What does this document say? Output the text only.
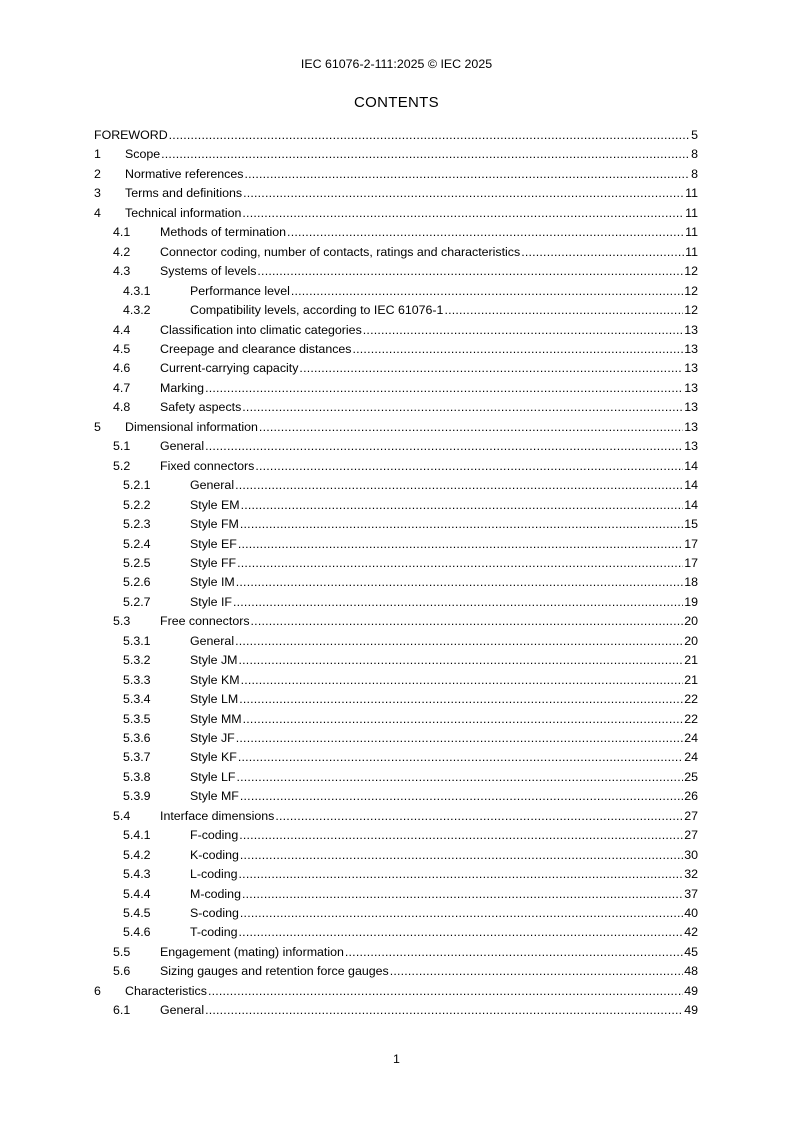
IEC 61076-2-111:2025 © IEC 2025
CONTENTS
FOREWORD .....	5
1	Scope .....	8
2	Normative references .....	8
3	Terms and definitions .....	11
4	Technical information .....	11
4.1	Methods of termination .....	11
4.2	Connector coding, number of contacts, ratings and characteristics .....	11
4.3	Systems of levels .....	12
4.3.1	Performance level .....	12
4.3.2	Compatibility levels, according to IEC 61076-1 .....	12
4.4	Classification into climatic categories .....	13
4.5	Creepage and clearance distances .....	13
4.6	Current-carrying capacity .....	13
4.7	Marking .....	13
4.8	Safety aspects .....	13
5	Dimensional information .....	13
5.1	General .....	13
5.2	Fixed connectors .....	14
5.2.1	General .....	14
5.2.2	Style EM .....	14
5.2.3	Style FM .....	15
5.2.4	Style EF .....	17
5.2.5	Style FF .....	17
5.2.6	Style IM .....	18
5.2.7	Style IF .....	19
5.3	Free connectors .....	20
5.3.1	General .....	20
5.3.2	Style JM .....	21
5.3.3	Style KM .....	21
5.3.4	Style LM .....	22
5.3.5	Style MM .....	22
5.3.6	Style JF .....	24
5.3.7	Style KF .....	24
5.3.8	Style LF .....	25
5.3.9	Style MF .....	26
5.4	Interface dimensions .....	27
5.4.1	F-coding .....	27
5.4.2	K-coding .....	30
5.4.3	L-coding .....	32
5.4.4	M-coding .....	37
5.4.5	S-coding .....	40
5.4.6	T-coding .....	42
5.5	Engagement (mating) information .....	45
5.6	Sizing gauges and retention force gauges .....	48
6	Characteristics .....	49
6.1	General .....	49
1
